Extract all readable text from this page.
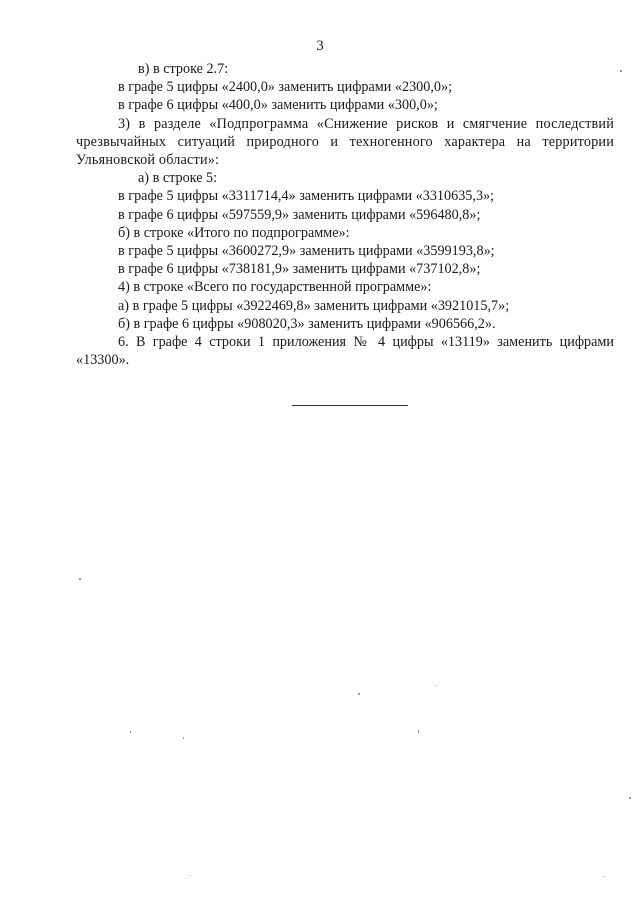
3

в) в строке 2.7:

в графе 5 цифры «2400,0» заменить цифрами «2300,0»;

в графе 6 цифры «400,0» заменить цифрами «300,0»;

3) в разделе «Подпрограмма «Снижение рисков и смягчение последствий чрезвычайных ситуаций природного и техногенного характера на территории Ульяновской области»:

а) в строке 5:

в графе 5 цифры «3311714,4» заменить цифрами «3310635,3»;

в графе 6 цифры «597559,9» заменить цифрами «596480,8»;

б) в строке «Итого по подпрограмме»:

в графе 5 цифры «3600272,9» заменить цифрами «3599193,8»;

в графе 6 цифры «738181,9» заменить цифрами «737102,8»;

4) в строке «Всего по государственной программе»:

а) в графе 5 цифры «3922469,8» заменить цифрами «3921015,7»;

б) в графе 6 цифры «908020,3» заменить цифрами «906566,2».

6. В графе 4 строки 1 приложения № 4 цифры «13119» заменить цифрами «13300».
